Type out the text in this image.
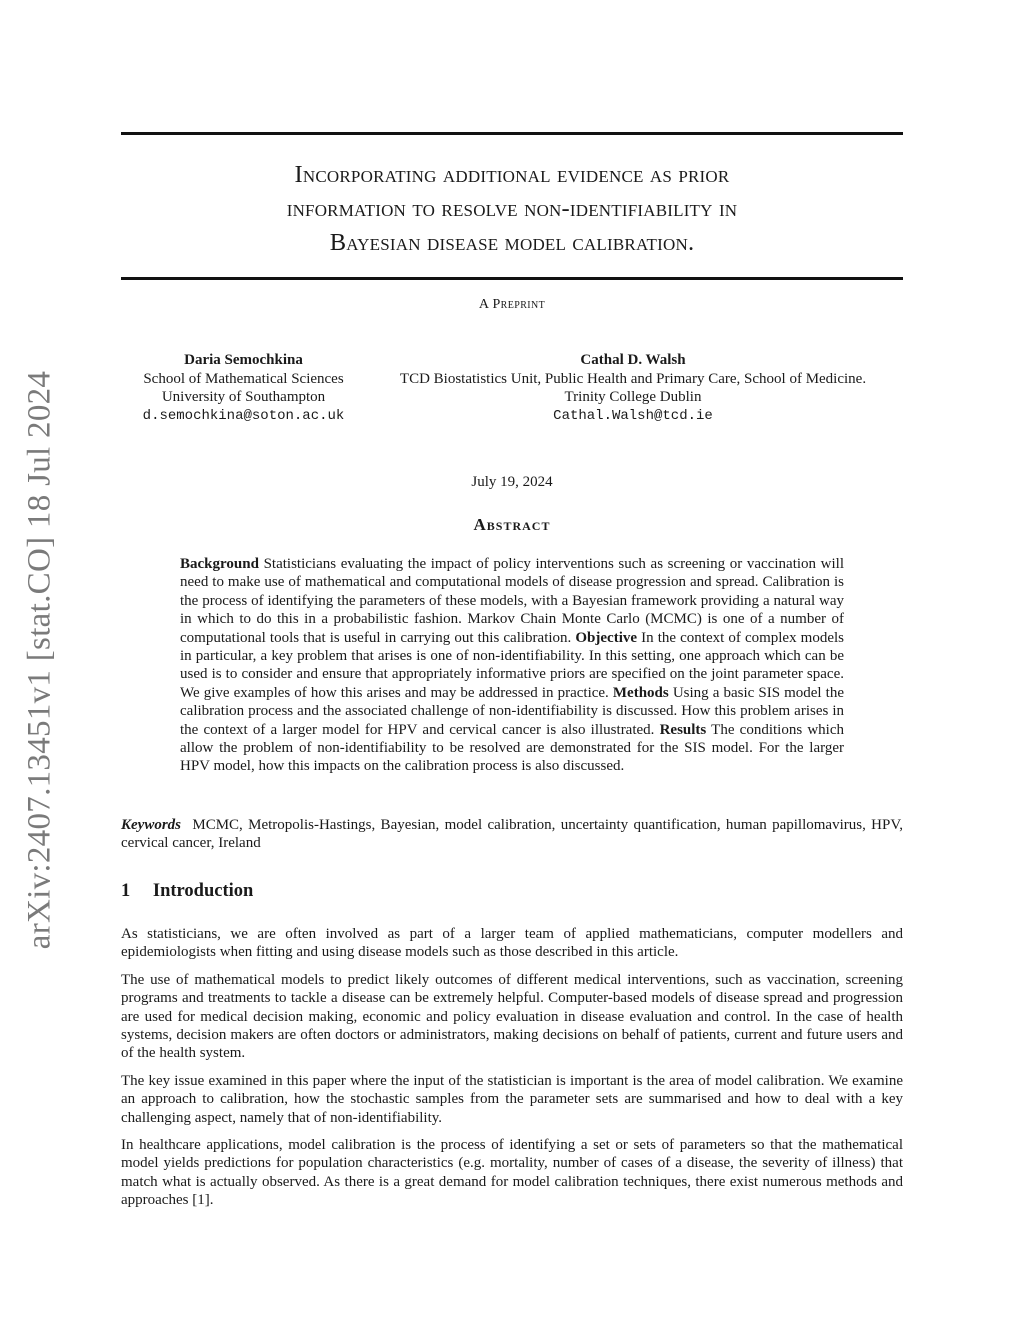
arXiv:2407.13451v1 [stat.CO] 18 Jul 2024
Incorporating additional evidence as prior
information to resolve non-identifiability in
Bayesian disease model calibration.
A Preprint
Daria Semochkina
School of Mathematical Sciences
University of Southampton
d.semochkina@soton.ac.uk
Cathal D. Walsh
TCD Biostatistics Unit, Public Health and Primary Care, School of Medicine.
Trinity College Dublin
Cathal.Walsh@tcd.ie
July 19, 2024
Abstract
Background Statisticians evaluating the impact of policy interventions such as screening or vaccination will need to make use of mathematical and computational models of disease progression and spread. Calibration is the process of identifying the parameters of these models, with a Bayesian framework providing a natural way in which to do this in a probabilistic fashion. Markov Chain Monte Carlo (MCMC) is one of a number of computational tools that is useful in carrying out this calibration. Objective In the context of complex models in particular, a key problem that arises is one of non-identifiability. In this setting, one approach which can be used is to consider and ensure that appropriately informative priors are specified on the joint parameter space. We give examples of how this arises and may be addressed in practice. Methods Using a basic SIS model the calibration process and the associated challenge of non-identifiability is discussed. How this problem arises in the context of a larger model for HPV and cervical cancer is also illustrated. Results The conditions which allow the problem of non-identifiability to be resolved are demonstrated for the SIS model. For the larger HPV model, how this impacts on the calibration process is also discussed.
Keywords MCMC, Metropolis-Hastings, Bayesian, model calibration, uncertainty quantification, human papillomavirus, HPV, cervical cancer, Ireland
1 Introduction

As statisticians, we are often involved as part of a larger team of applied mathematicians, computer modellers and epidemiologists when fitting and using disease models such as those described in this article.

The use of mathematical models to predict likely outcomes of different medical interventions, such as vaccination, screening programs and treatments to tackle a disease can be extremely helpful. Computer-based models of disease spread and progression are used for medical decision making, economic and policy evaluation in disease evaluation and control. In the case of health systems, decision makers are often doctors or administrators, making decisions on behalf of patients, current and future users and of the health system.

The key issue examined in this paper where the input of the statistician is important is the area of model calibration. We examine an approach to calibration, how the stochastic samples from the parameter sets are summarised and how to deal with a key challenging aspect, namely that of non-identifiability.

In healthcare applications, model calibration is the process of identifying a set or sets of parameters so that the mathematical model yields predictions for population characteristics (e.g. mortality, number of cases of a disease, the severity of illness) that match what is actually observed. As there is a great demand for model calibration techniques, there exist numerous methods and approaches [1].
